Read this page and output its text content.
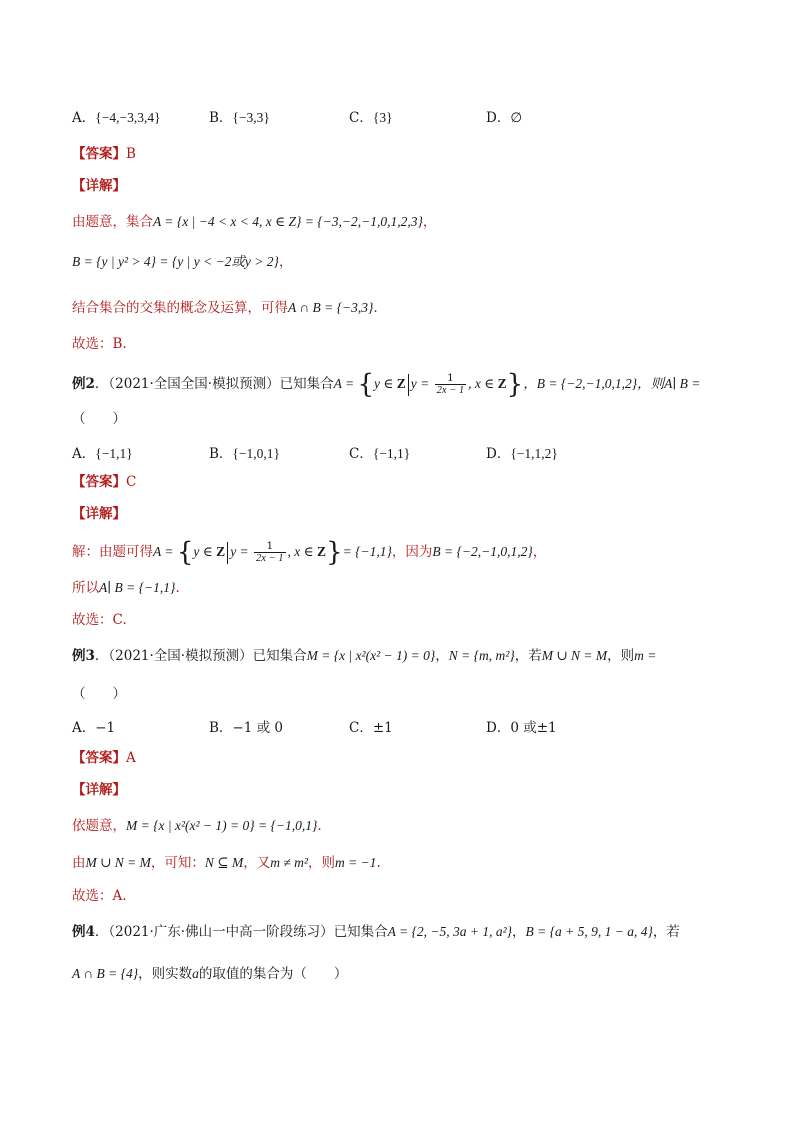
A．{−4,−3,3,4}	B．{−3,3}	C．{3}	D．∅
【答案】B
【详解】
由题意，集合A = {x | −4 < x < 4, x ∈ Z} = {−3,−2,−1,0,1,2,3}，
B = {y | y² > 4} = {y | y < −2或y > 2}，
结合集合的交集的概念及运算，可得A ∩ B = {−3,3}.
故选：B.
例2．（2021·全国全国·模拟预测）已知集合A = {y ∈ Z $y = \frac{1}{2x - 1}$ , x ∈ Z}，B = {−2,−1,0,1,2}，则A∣ B =
（　　）
A．{−1,1}	B．{−1,0,1}	C．{−1,1}	D．{−1,1,2}
【答案】C
【详解】
解：由题可得A = {y ∈ Z $y = \frac{1}{2x - 1}$ , x ∈ Z}= {−1,1}，因为B = {−2,−1,0,1,2}，
所以A∣ B = {−1,1}.
故选：C.
例3．（2021·全国·模拟预测）已知集合M = {x | x²(x² − 1) = 0}，N = {m, m²}，若M ∪ N = M，则m =
（　　）
A．−1	B．−1 或 0	C．±1	D．0 或±1
【答案】A
【详解】
依题意，M = {x | x²(x² − 1) = 0} = {−1,0,1}.
由M ∪ N = M，可知：N ⊆ M，又m ≠ m²，则m = −1.
故选：A.
例4．（2021·广东·佛山一中高一阶段练习）已知集合A = {2, −5, 3a + 1, a²}，B = {a + 5, 9, 1 − a, 4}，若
A ∩ B = {4}，则实数a的取值的集合为（　　）
